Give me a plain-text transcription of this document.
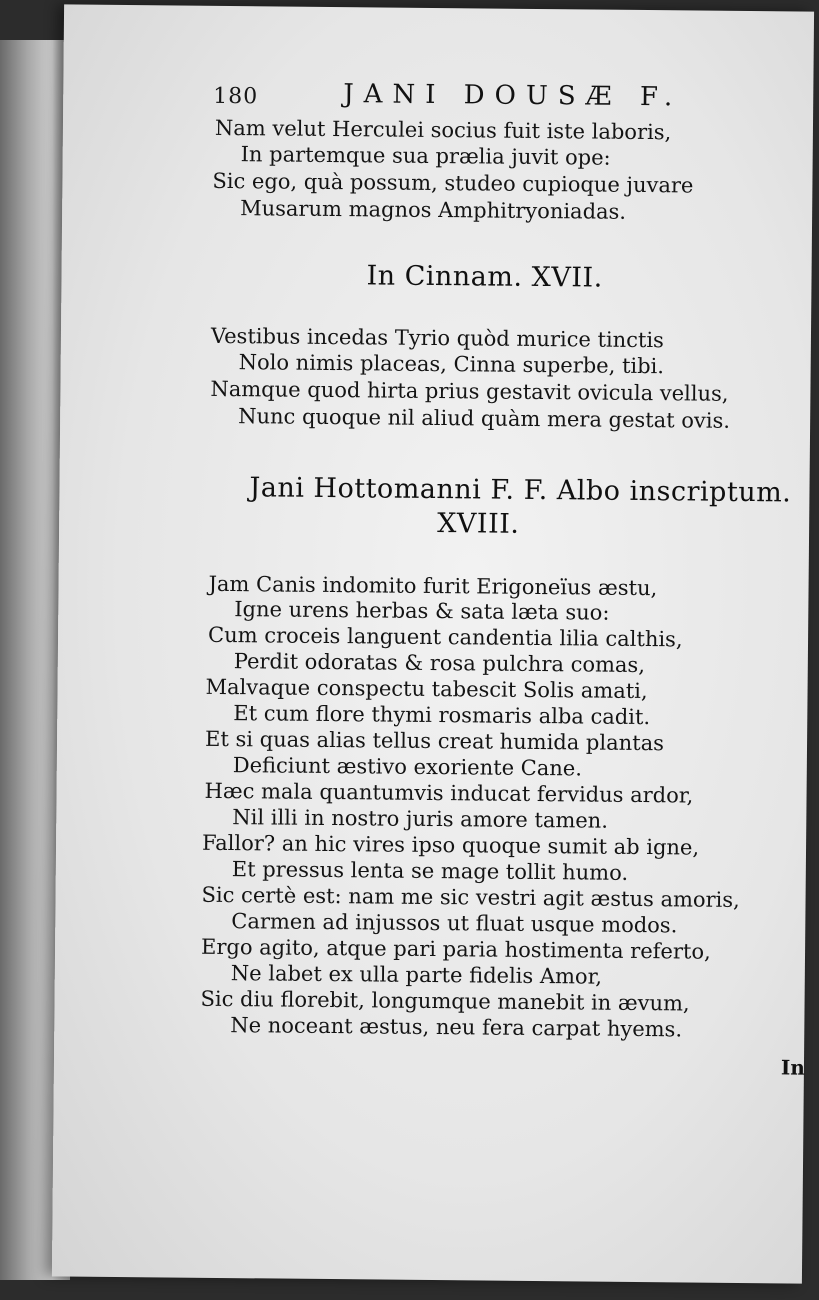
180	JANI DOUSÆ F.
Nam velut Herculei socius fuit iste laboris,
In partemque sua prælia juvit ope:
Sic ego, quà possum, studeo cupioque juvare
Musarum magnos Amphitryoniadas.
In Cinnam. XVII.
Vestibus incedas Tyrio quòd murice tinctis
Nolo nimis placeas, Cinna superbe, tibi.
Namque quod hirta prius gestavit ovicula vellus,
Nunc quoque nil aliud quàm mera gestat ovis.
Jani Hottomanni F. F. Albo inscriptum.
XVIII.
Jam Canis indomito furit Erigoneïus æstu,
Igne urens herbas & sata læta suo:
Cum croceis languent candentia lilia calthis,
Perdit odoratas & rosa pulchra comas,
Malvaque conspectu tabescit Solis amati,
Et cum flore thymi rosmaris alba cadit.
Et si quas alias tellus creat humida plantas
Deficiunt æstivo exoriente Cane.
Hæc mala quantumvis inducat fervidus ardor,
Nil illi in nostro juris amore tamen.
Fallor? an hic vires ipso quoque sumit ab igne,
Et pressus lenta se mage tollit humo.
Sic certè est: nam me sic vestri agit æstus amoris,
Carmen ad injussos ut fluat usque modos.
Ergo agito, atque pari paria hostimenta referto,
Ne labet ex ulla parte fidelis Amor,
Sic diu florebit, longumque manebit in ævum,
Ne noceant æstus, neu fera carpat hyems.
In
